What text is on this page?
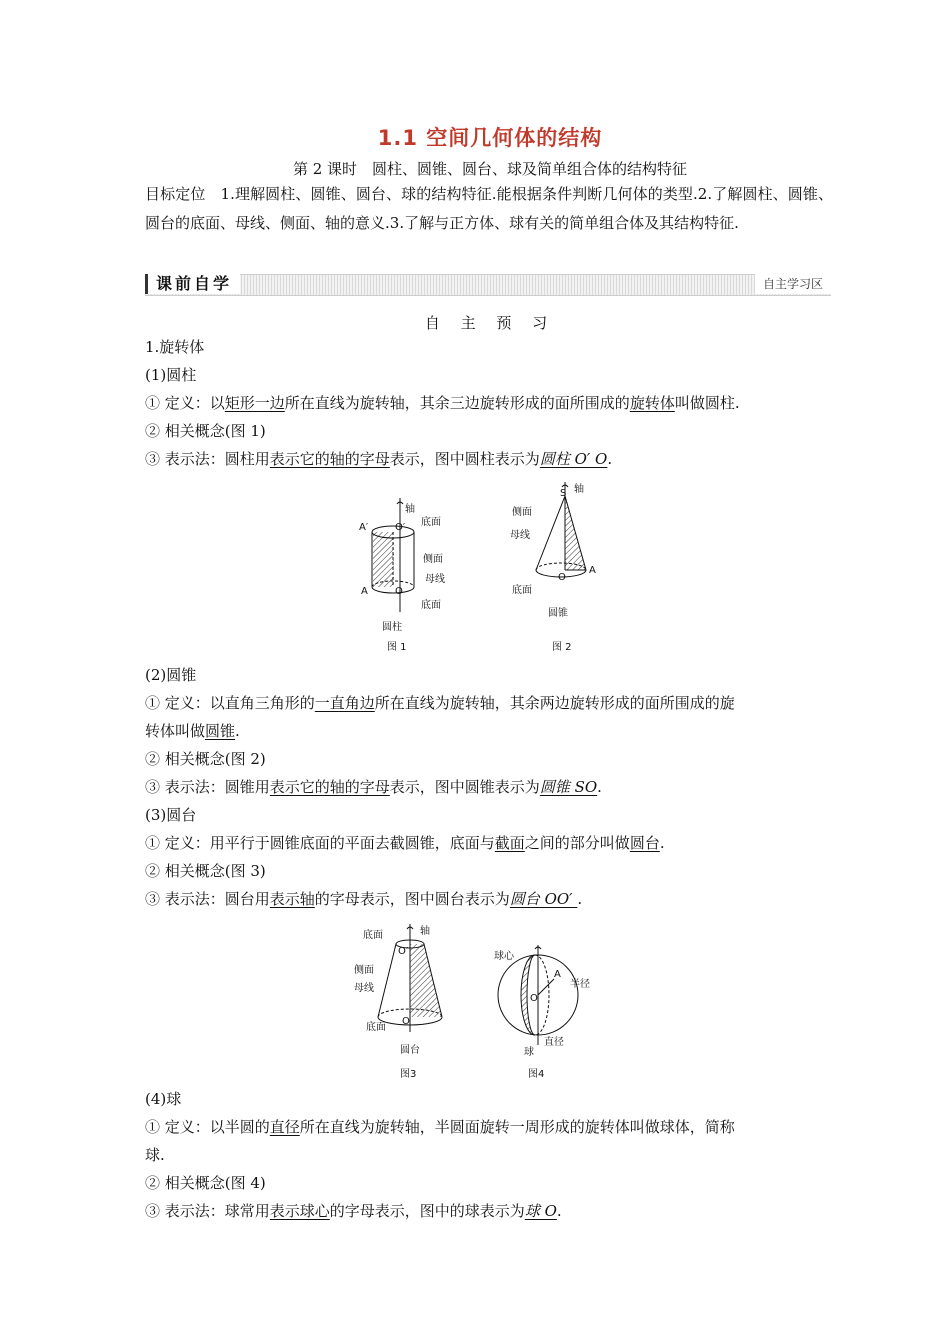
1.1 空间几何体的结构
第 2 课时　圆柱、圆锥、圆台、球及简单组合体的结构特征
目标定位　 1.理解圆柱、圆锥、圆台、球的结构特征.能根据条件判断几何体的类型.2.了解圆柱、圆锥、圆台的底面、母线、侧面、轴的意义.3.了解与正方体、球有关的简单组合体及其结构特征.
课前自学	自主学习区
自 主 预 习
1.旋转体
(1)圆柱
① 定义：以矩形一边所在直线为旋转轴，其余三边旋转形成的面所围成的旋转体叫做圆柱.
② 相关概念(图 1)
③ 表示法：圆柱用表示它的轴的字母表示，图中圆柱表示为圆柱 O′ O.
轴
底面
侧面
母线
底面
A′	O′
A	O
圆柱
图 1
S 轴
侧面
母线
O
A
底面
圆锥
图 2
(2)圆锥
① 定义：以直角三角形的一直角边所在直线为旋转轴，其余两边旋转形成的面所围成的旋
转体叫做圆锥.
② 相关概念(图 2)
③ 表示法：圆锥用表示它的轴的字母表示，图中圆锥表示为圆锥 SO.
(3)圆台
① 定义：用平行于圆锥底面的平面去截圆锥，底面与截面之间的部分叫做圆台.
② 相关概念(图 3)
③ 表示法：圆台用表示轴的字母表示，图中圆台表示为圆台 OO′ .
底面	轴
O′
侧面
母线
O
底面
圆台
图3
球心
A
半径
O
直径
球
图4
(4)球
① 定义：以半圆的直径所在直线为旋转轴，半圆面旋转一周形成的旋转体叫做球体，简称
球.
② 相关概念(图 4)
③ 表示法：球常用表示球心的字母表示，图中的球表示为球 O.
